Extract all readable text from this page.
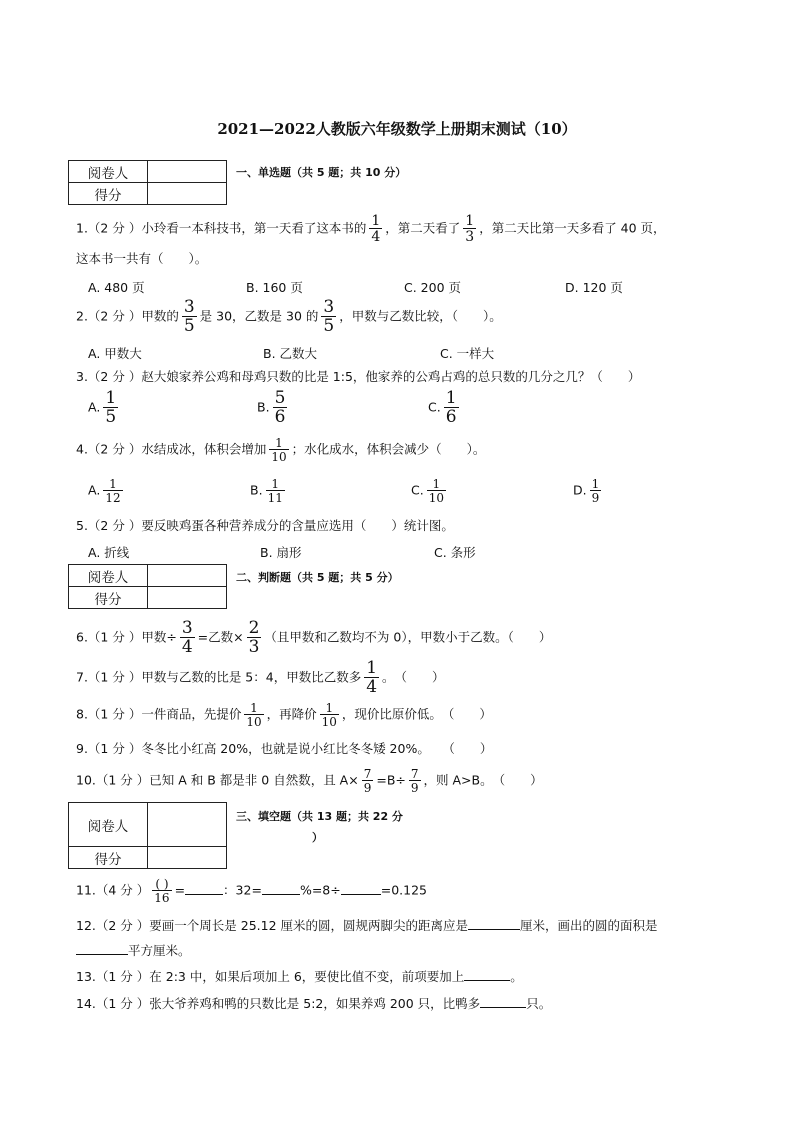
2021—2022人教版六年级数学上册期末测试（10）
阅卷人	
得分	
一、单选题（共 5 题；共 10 分）
1.（2 分 ）小玲看一本科技书，第一天看了这本书的 $\frac{1}{4}$ ，第二天看了 $\frac{1}{3}$ ，第二天比第一天多看了 40 页，
这本书一共有（　　）。
A. 480 页	B. 160 页	C. 200 页	D. 120 页
2.（2 分 ）甲数的 $\frac{3}{5}$ 是 30，乙数是 30 的 $\frac{3}{5}$ ，甲数与乙数比较，（　　）。
A. 甲数大	B. 乙数大	C. 一样大
3.（2 分 ）赵大娘家养公鸡和母鸡只数的比是 1:5，他家养的公鸡占鸡的总只数的几分之几？（　　）
A. $\frac{1}{5}$	B. $\frac{5}{6}$	C. $\frac{1}{6}$
4.（2 分 ）水结成冰，体积会增加 $\frac{1}{10}$ ；水化成水，体积会减少（　　）。
A. $\frac{1}{12}$	B. $\frac{1}{11}$	C. $\frac{1}{10}$	D. $\frac{1}{9}$
5.（2 分 ）要反映鸡蛋各种营养成分的含量应选用（　　）统计图。
A. 折线	B. 扇形	C. 条形
阅卷人	
得分	
二、判断题（共 5 题；共 5 分）
6.（1 分 ）甲数÷ $\frac{3}{4}$ =乙数× $\frac{2}{3}$ （且甲数和乙数均不为 0），甲数小于乙数。（　　）
7.（1 分 ）甲数与乙数的比是 5：4，甲数比乙数多 $\frac{1}{4}$ 。　（　　）
8.（1 分 ）一件商品，先提价 $\frac{1}{10}$ ，再降价 $\frac{1}{10}$ ，现价比原价低。　（　　）
9.（1 分 ）冬冬比小红高 20%，也就是说小红比冬冬矮 20%。　　（　　）
10.（1 分 ）已知 A 和 B 都是非 0 自然数，且 $A\times \frac{7}{9} =B\div \frac{7}{9}$ ，则 A>B。　（　　）
阅卷人	
得分	
三、填空题（共 13 题；共 22 分
）
11.（4 分 ） $\frac{( )}{16}$ =	：32=	%=8÷	=0.125
12.（2 分 ）要画一个周长是 25.12 厘米的圆，圆规两脚尖的距离应是	厘米，画出的圆的面积是
平方厘米。
13.（1 分 ）在 2:3 中，如果后项加上 6，要使比值不变，前项要加上	。
14.（1 分 ）张大爷养鸡和鸭的只数比是 5:2，如果养鸡 200 只，比鸭多	只。
